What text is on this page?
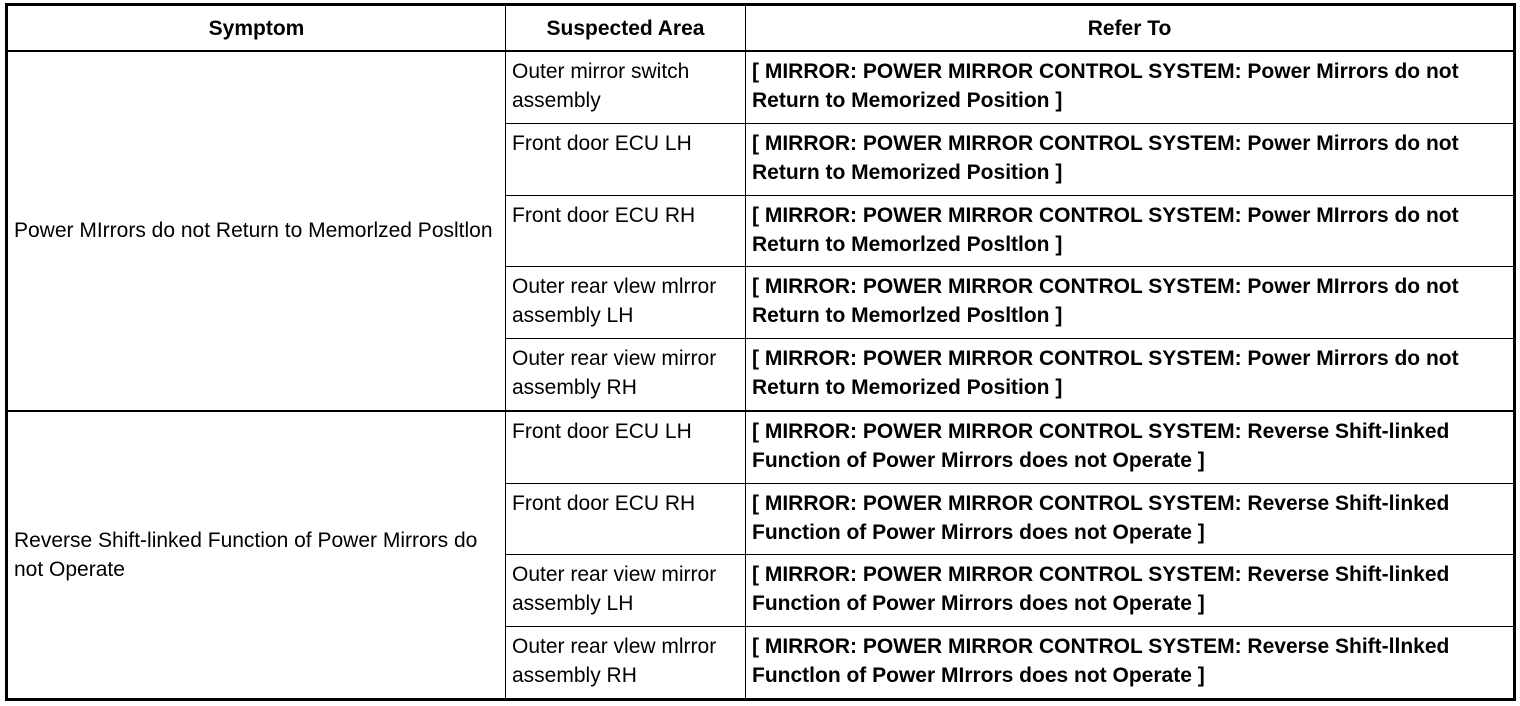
Symptom	Suspected Area	Refer To
Power MIrrors do not Return to Memorlzed Posltlon	Outer mirror switch assembly	[ MIRROR: POWER MIRROR CONTROL SYSTEM: Power Mirrors do not Return to Memorized Position ]
	Front door ECU LH	[ MIRROR: POWER MIRROR CONTROL SYSTEM: Power Mirrors do not Return to Memorized Position ]
	Front door ECU RH	[ MIRROR: POWER MIRROR CONTROL SYSTEM: Power MIrrors do not Return to Memorlzed Posltlon ]
	Outer rear vlew mlrror assembly LH	[ MIRROR: POWER MIRROR CONTROL SYSTEM: Power MIrrors do not Return to Memorlzed Posltlon ]
	Outer rear view mirror assembly RH	[ MIRROR: POWER MIRROR CONTROL SYSTEM: Power Mirrors do not Return to Memorized Position ]
Reverse Shift-linked Function of Power Mirrors do not Operate	Front door ECU LH	[ MIRROR: POWER MIRROR CONTROL SYSTEM: Reverse Shift-linked Function of Power Mirrors does not Operate ]
	Front door ECU RH	[ MIRROR: POWER MIRROR CONTROL SYSTEM: Reverse Shift-linked Function of Power Mirrors does not Operate ]
	Outer rear view mirror assembly LH	[ MIRROR: POWER MIRROR CONTROL SYSTEM: Reverse Shift-linked Function of Power Mirrors does not Operate ]
	Outer rear vlew mlrror assembly RH	[ MIRROR: POWER MIRROR CONTROL SYSTEM: Reverse Shift-llnked Functlon of Power MIrrors does not Operate ]
